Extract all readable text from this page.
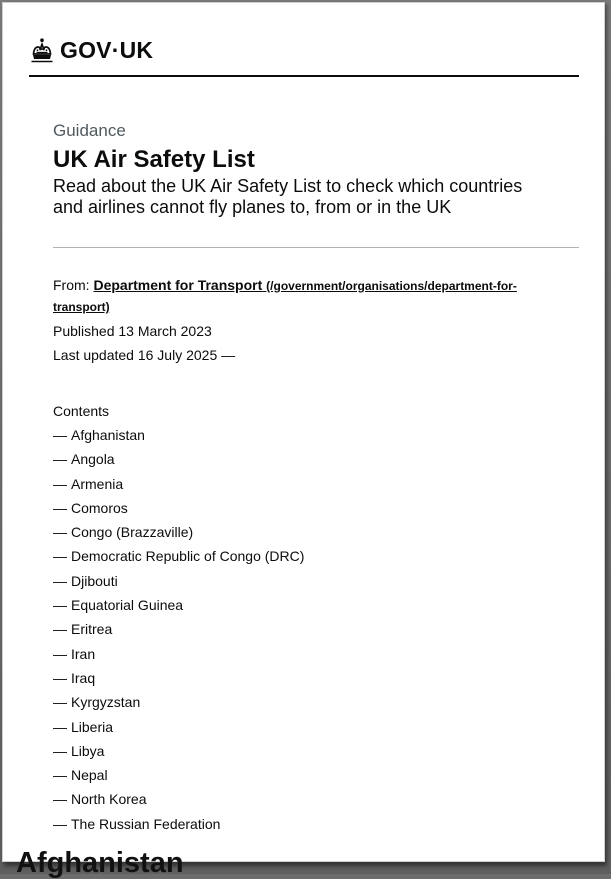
GOV·UK
Guidance
UK Air Safety List

Read about the UK Air Safety List to check which countries and airlines cannot fly planes to, from or in the UK

From: Department for Transport (/government/organisations/department-for-transport)
Published 13 March 2023
Last updated 16 July 2025 —
Contents
— Afghanistan
— Angola
— Armenia
— Comoros
— Congo (Brazzaville)
— Democratic Republic of Congo (DRC)
— Djibouti
— Equatorial Guinea
— Eritrea
— Iran
— Iraq
— Kyrgyzstan
— Liberia
— Libya
— Nepal
— North Korea
— The Russian Federation
Afghanistan
